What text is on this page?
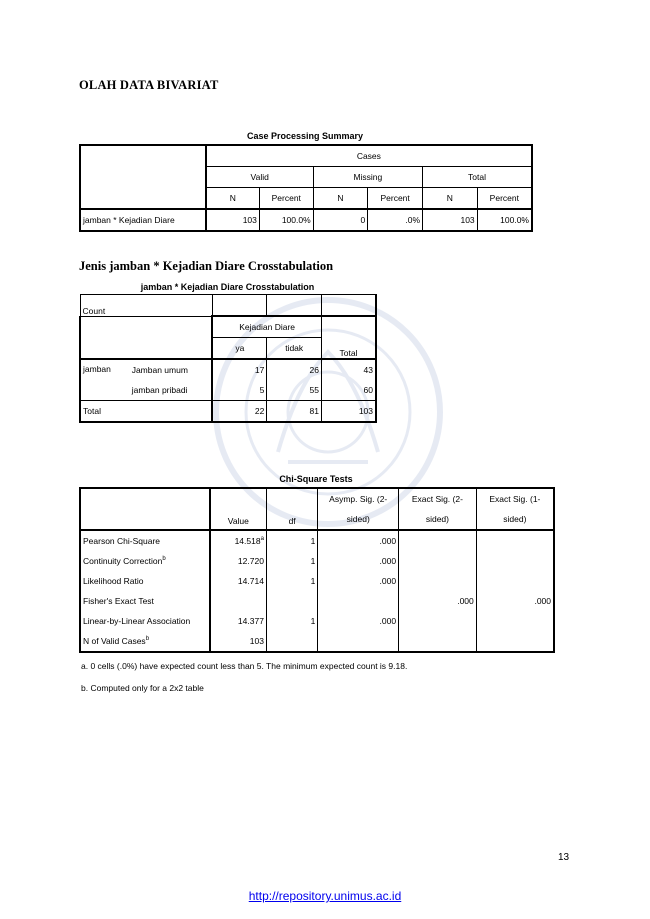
OLAH DATA BIVARIAT
Case Processing Summary
	Cases					
	Valid		Missing		Total	
	N	Percent	N	Percent	N	Percent
jamban * Kejadian Diare	103	100.0%	0	.0%	103	100.0%
Jenis jamban * Kejadian Diare Crosstabulation
jamban * Kejadian Diare Crosstabulation
Count				
		Kejadian Diare		Total
		ya	tidak	
jamban	Jamban umum	17	26	43
	jamban pribadi	5	55	60
Total		22	81	103
Chi-Square Tests
	Value	df	Asymp. Sig. (2-	Exact Sig. (2-	Exact Sig. (1-
			sided)	sided)	sided)
Pearson Chi-Square	14.518$^a$	1	.000		
Continuity Correction$^b$	12.720	1	.000		
Likelihood Ratio	14.714	1	.000		
Fisher's Exact Test				.000	.000
Linear-by-Linear Association	14.377	1	.000		
N of Valid Cases$^b$	103				
a. 0 cells (.0%) have expected count less than 5. The minimum expected count is 9.18.
b. Computed only for a 2x2 table
13
http://repository.unimus.ac.id
